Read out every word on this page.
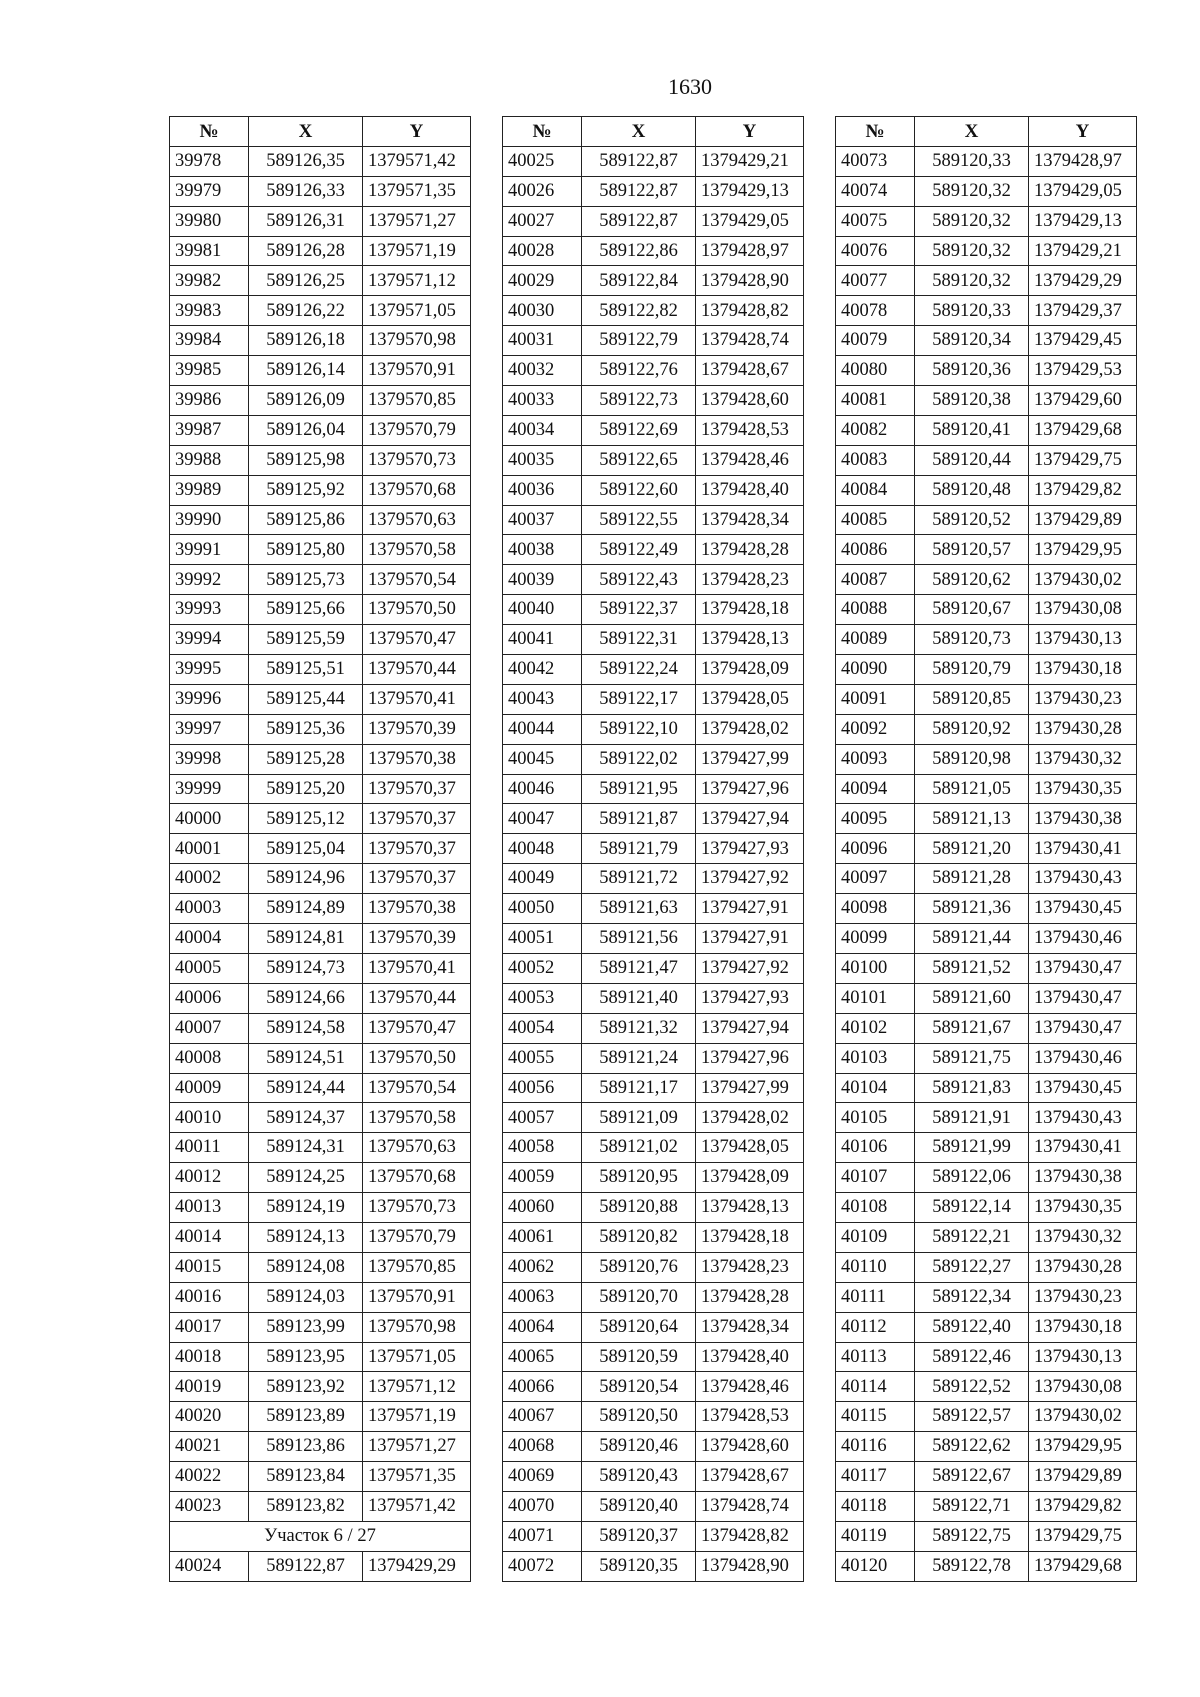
1630
№	X	Y
39978	589126,35	1379571,42
39979	589126,33	1379571,35
39980	589126,31	1379571,27
39981	589126,28	1379571,19
39982	589126,25	1379571,12
39983	589126,22	1379571,05
39984	589126,18	1379570,98
39985	589126,14	1379570,91
39986	589126,09	1379570,85
39987	589126,04	1379570,79
39988	589125,98	1379570,73
39989	589125,92	1379570,68
39990	589125,86	1379570,63
39991	589125,80	1379570,58
39992	589125,73	1379570,54
39993	589125,66	1379570,50
39994	589125,59	1379570,47
39995	589125,51	1379570,44
39996	589125,44	1379570,41
39997	589125,36	1379570,39
39998	589125,28	1379570,38
39999	589125,20	1379570,37
40000	589125,12	1379570,37
40001	589125,04	1379570,37
40002	589124,96	1379570,37
40003	589124,89	1379570,38
40004	589124,81	1379570,39
40005	589124,73	1379570,41
40006	589124,66	1379570,44
40007	589124,58	1379570,47
40008	589124,51	1379570,50
40009	589124,44	1379570,54
40010	589124,37	1379570,58
40011	589124,31	1379570,63
40012	589124,25	1379570,68
40013	589124,19	1379570,73
40014	589124,13	1379570,79
40015	589124,08	1379570,85
40016	589124,03	1379570,91
40017	589123,99	1379570,98
40018	589123,95	1379571,05
40019	589123,92	1379571,12
40020	589123,89	1379571,19
40021	589123,86	1379571,27
40022	589123,84	1379571,35
40023	589123,82	1379571,42
Участок 6 / 27		
40024	589122,87	1379429,29
№	X	Y
40025	589122,87	1379429,21
40026	589122,87	1379429,13
40027	589122,87	1379429,05
40028	589122,86	1379428,97
40029	589122,84	1379428,90
40030	589122,82	1379428,82
40031	589122,79	1379428,74
40032	589122,76	1379428,67
40033	589122,73	1379428,60
40034	589122,69	1379428,53
40035	589122,65	1379428,46
40036	589122,60	1379428,40
40037	589122,55	1379428,34
40038	589122,49	1379428,28
40039	589122,43	1379428,23
40040	589122,37	1379428,18
40041	589122,31	1379428,13
40042	589122,24	1379428,09
40043	589122,17	1379428,05
40044	589122,10	1379428,02
40045	589122,02	1379427,99
40046	589121,95	1379427,96
40047	589121,87	1379427,94
40048	589121,79	1379427,93
40049	589121,72	1379427,92
40050	589121,63	1379427,91
40051	589121,56	1379427,91
40052	589121,47	1379427,92
40053	589121,40	1379427,93
40054	589121,32	1379427,94
40055	589121,24	1379427,96
40056	589121,17	1379427,99
40057	589121,09	1379428,02
40058	589121,02	1379428,05
40059	589120,95	1379428,09
40060	589120,88	1379428,13
40061	589120,82	1379428,18
40062	589120,76	1379428,23
40063	589120,70	1379428,28
40064	589120,64	1379428,34
40065	589120,59	1379428,40
40066	589120,54	1379428,46
40067	589120,50	1379428,53
40068	589120,46	1379428,60
40069	589120,43	1379428,67
40070	589120,40	1379428,74
40071	589120,37	1379428,82
40072	589120,35	1379428,90
№	X	Y
40073	589120,33	1379428,97
40074	589120,32	1379429,05
40075	589120,32	1379429,13
40076	589120,32	1379429,21
40077	589120,32	1379429,29
40078	589120,33	1379429,37
40079	589120,34	1379429,45
40080	589120,36	1379429,53
40081	589120,38	1379429,60
40082	589120,41	1379429,68
40083	589120,44	1379429,75
40084	589120,48	1379429,82
40085	589120,52	1379429,89
40086	589120,57	1379429,95
40087	589120,62	1379430,02
40088	589120,67	1379430,08
40089	589120,73	1379430,13
40090	589120,79	1379430,18
40091	589120,85	1379430,23
40092	589120,92	1379430,28
40093	589120,98	1379430,32
40094	589121,05	1379430,35
40095	589121,13	1379430,38
40096	589121,20	1379430,41
40097	589121,28	1379430,43
40098	589121,36	1379430,45
40099	589121,44	1379430,46
40100	589121,52	1379430,47
40101	589121,60	1379430,47
40102	589121,67	1379430,47
40103	589121,75	1379430,46
40104	589121,83	1379430,45
40105	589121,91	1379430,43
40106	589121,99	1379430,41
40107	589122,06	1379430,38
40108	589122,14	1379430,35
40109	589122,21	1379430,32
40110	589122,27	1379430,28
40111	589122,34	1379430,23
40112	589122,40	1379430,18
40113	589122,46	1379430,13
40114	589122,52	1379430,08
40115	589122,57	1379430,02
40116	589122,62	1379429,95
40117	589122,67	1379429,89
40118	589122,71	1379429,82
40119	589122,75	1379429,75
40120	589122,78	1379429,68
